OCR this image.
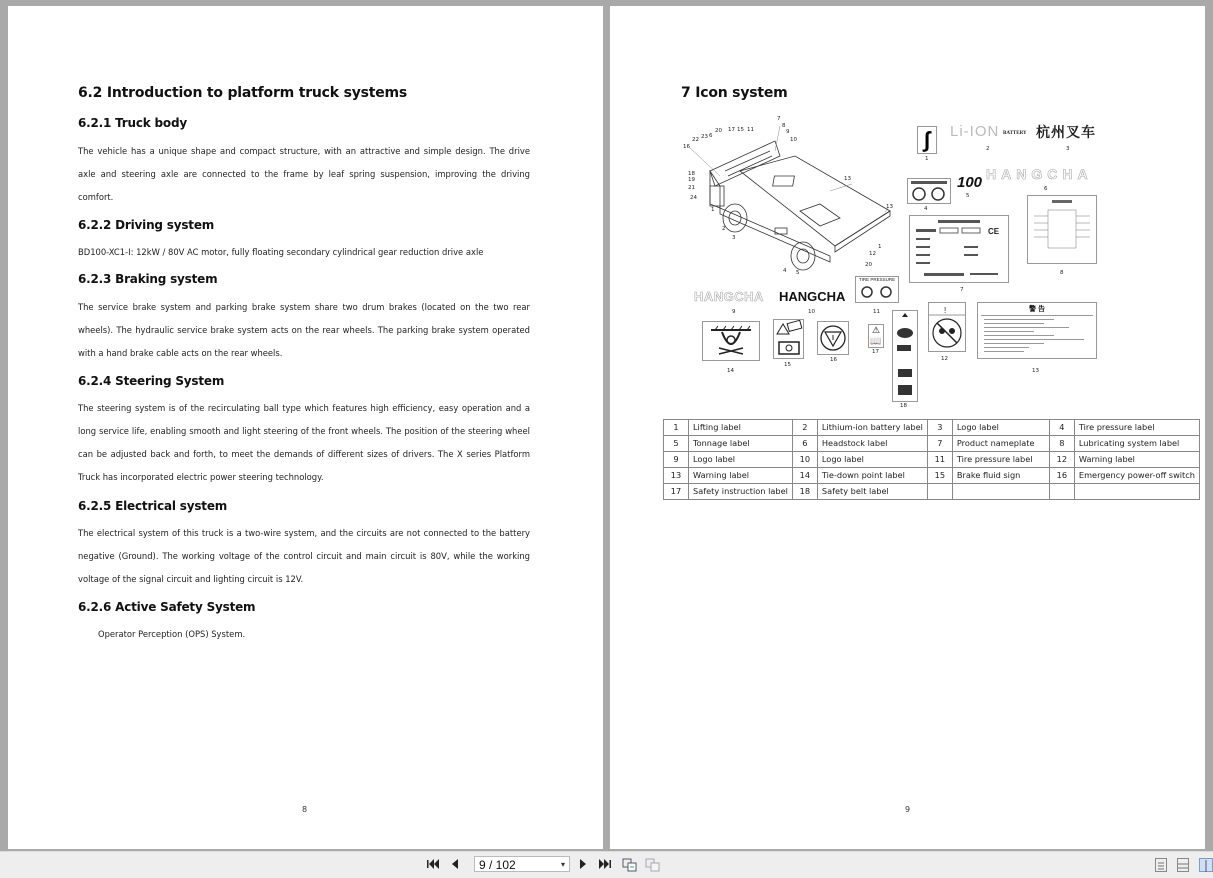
6.2 Introduction to platform truck systems
6.2.1 Truck body
The vehicle has a unique shape and compact structure, with an attractive and simple design. The drive axle and steering axle are connected to the frame by leaf spring suspension, improving the driving comfort.
6.2.2 Driving system
BD100-XC1-I: 12kW / 80V AC motor, fully floating secondary cylindrical gear reduction drive axle
6.2.3 Braking system
The service brake system and parking brake system share two drum brakes (located on the two rear wheels). The hydraulic service brake system acts on the rear wheels. The parking brake system operated with a hand brake cable acts on the rear wheels.
6.2.4 Steering System
The steering system is of the recirculating ball type which features high efficiency, easy operation and a long service life, enabling smooth and light steering of the front wheels. The position of the steering wheel can be adjusted back and forth, to meet the demands of different sizes of drivers. The X series Platform Truck has incorporated electric power steering technology.
6.2.5 Electrical system
The electrical system of this truck is a two-wire system, and the circuits are not connected to the battery negative (Ground). The working voltage of the control circuit and main circuit is 80V, while the working voltage of the signal circuit and lighting circuit is 12V.
6.2.6 Active Safety System
Operator Perception (OPS) System.
8
7 Icon system
7
8
9
10
20 17 15 11
22 23 6
16
18
19
21
24
1
2
3
13
13
1
12
20
4 5
∫
1
Li-ION BATTERY
2
杭州叉车
3
4
100
5
HANGCHA
6
CE
7
8
TIRE PRESSURE
11
HANGCHA
9
HANGCHA
10
14
15
16
⚠
📖
17
18
!
12
警 告
13
1	Lifting label	2	Lithium-ion battery label	3	Logo label	4	Tire pressure label
5	Tonnage label	6	Headstock label	7	Product nameplate	8	Lubricating system label
9	Logo label	10	Logo label	11	Tire pressure label	12	Warning label
13	Warning label	14	Tie-down point label	15	Brake fluid sign	16	Emergency power-off switch
17	Safety instruction label	18	Safety belt label				
9
9 / 102	▾
